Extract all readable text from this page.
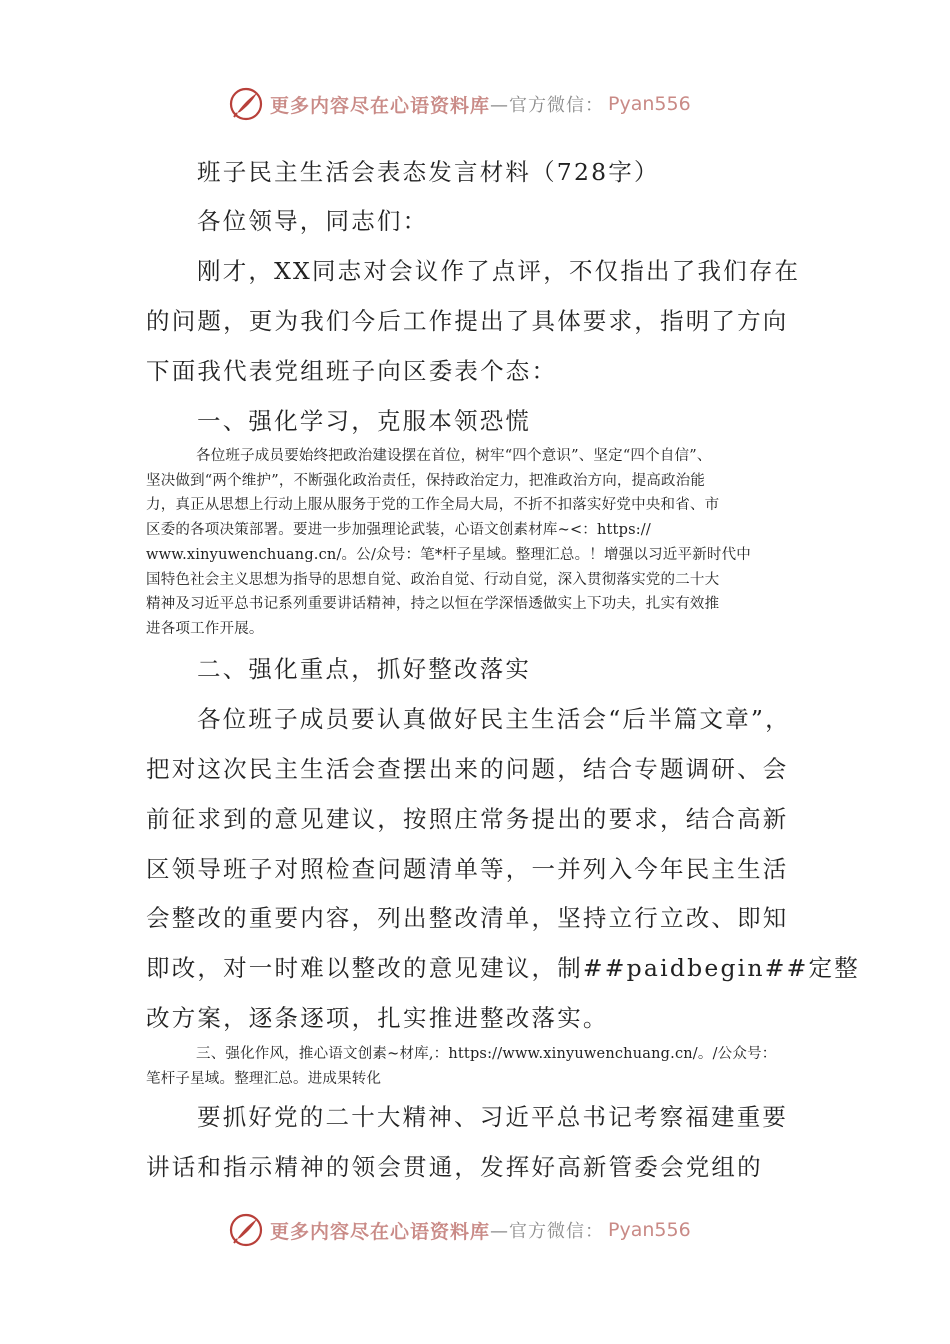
更多内容尽在心语资料库 —官方微信： Pyan556

班子民主生活会表态发言材料（728字）

各位领导，同志们：

刚才，XX同志对会议作了点评，不仅指出了我们存在

的问题，更为我们今后工作提出了具体要求，指明了方向

下面我代表党组班子向区委表个态：

一、强化学习，克服本领恐慌

各位班子成员要始终把政治建设摆在首位，树牢“四个意识”、坚定“四个自信”、
坚决做到“两个维护”，不断强化政治责任，保持政治定力，把准政治方向，提高政治能
力，真正从思想上行动上服从服务于党的工作全局大局，不折不扣落实好党中央和省、市
区委的各项决策部署。要进一步加强理论武装，心语文创素材库~<：https://
www.xinyuwenchuang.cn/。公/众号：笔*杆子星域。整理汇总。！增强以习近平新时代中
国特色社会主义思想为指导的思想自觉、政治自觉、行动自觉，深入贯彻落实党的二十大
精神及习近平总书记系列重要讲话精神，持之以恒在学深悟透做实上下功夫，扎实有效推
进各项工作开展。

二、强化重点，抓好整改落实

各位班子成员要认真做好民主生活会“后半篇文章”，

把对这次民主生活会查摆出来的问题，结合专题调研、会

前征求到的意见建议，按照庄常务提出的要求，结合高新

区领导班子对照检查问题清单等，一并列入今年民主生活

会整改的重要内容，列出整改清单，坚持立行立改、即知

即改，对一时难以整改的意见建议，制##paidbegin##定整

改方案，逐条逐项，扎实推进整改落实。

三、强化作风，推心语文创素~材库,：https://www.xinyuwenchuang.cn/。/公众号：
笔杆子星域。整理汇总。进成果转化

要抓好党的二十大精神、习近平总书记考察福建重要

讲话和指示精神的领会贯通，发挥好高新管委会党组的

更多内容尽在心语资料库 —官方微信： Pyan556
